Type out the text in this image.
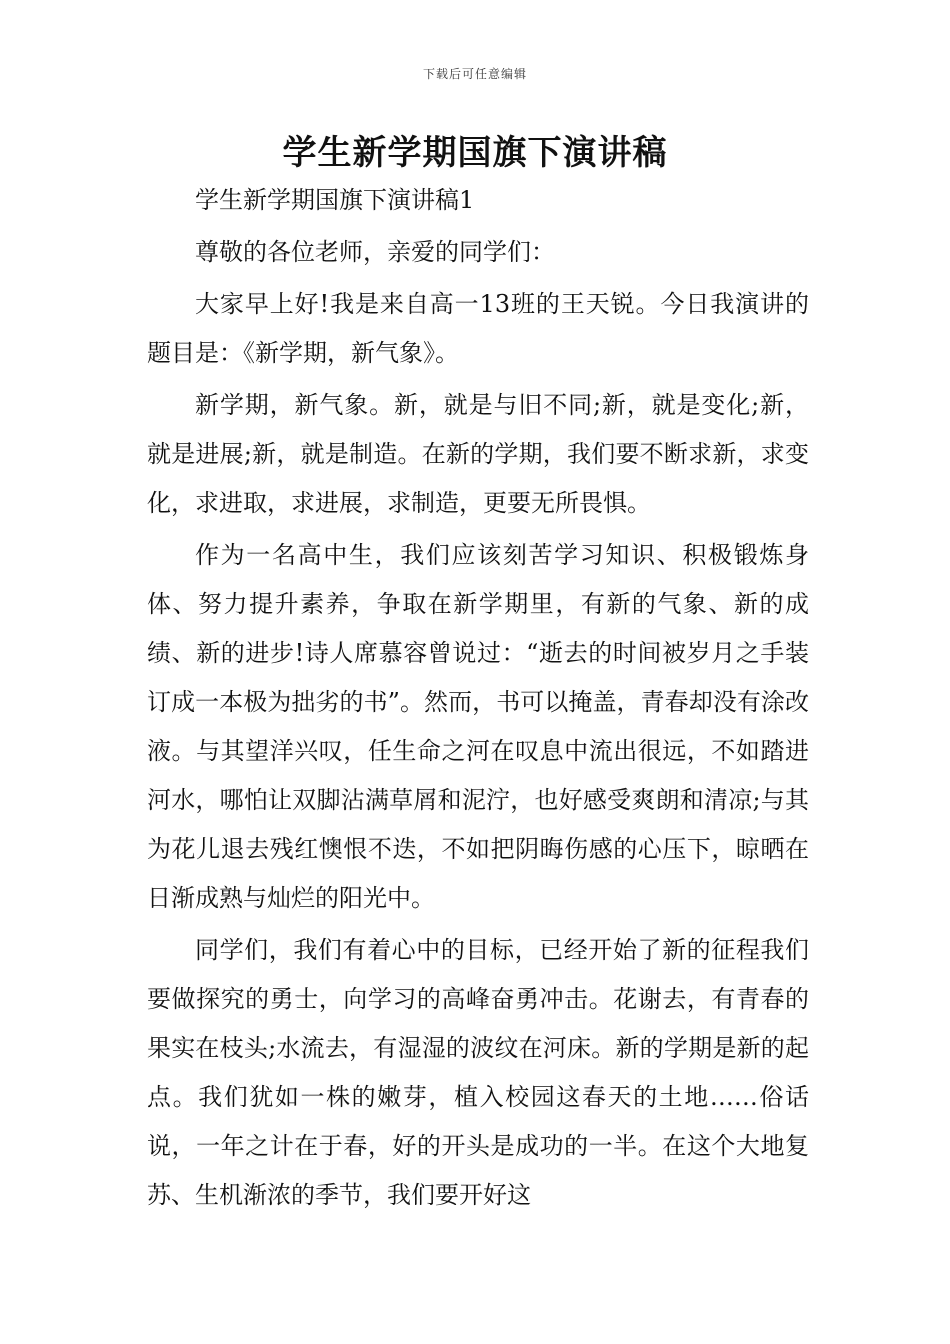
下载后可任意编辑
学生新学期国旗下演讲稿

学生新学期国旗下演讲稿1

尊敬的各位老师，亲爱的同学们：

大家早上好!我是来自高一13班的王天锐。今日我演讲的题目是：《新学期，新气象》。

新学期，新气象。新，就是与旧不同;新，就是变化;新，就是进展;新，就是制造。在新的学期，我们要不断求新，求变化，求进取，求进展，求制造，更要无所畏惧。

作为一名高中生，我们应该刻苦学习知识、积极锻炼身体、努力提升素养，争取在新学期里，有新的气象、新的成绩、新的进步!诗人席慕容曾说过：“逝去的时间被岁月之手装订成一本极为拙劣的书”。然而，书可以掩盖，青春却没有涂改液。与其望洋兴叹，任生命之河在叹息中流出很远，不如踏进河水，哪怕让双脚沾满草屑和泥泞，也好感受爽朗和清凉;与其为花儿退去残红懊恨不迭，不如把阴晦伤感的心压下，晾晒在日渐成熟与灿烂的阳光中。

同学们，我们有着心中的目标，已经开始了新的征程我们要做探究的勇士，向学习的高峰奋勇冲击。花谢去，有青春的果实在枝头;水流去，有湿湿的波纹在河床。新的学期是新的起点。我们犹如一株的嫩芽，植入校园这春天的土地……俗话说，一年之计在于春，好的开头是成功的一半。在这个大地复苏、生机渐浓的季节，我们要开好这
